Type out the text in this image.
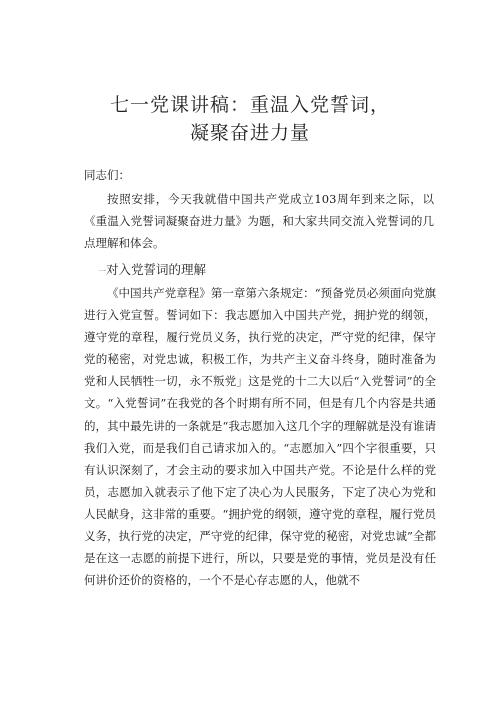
七一党课讲稿：重温入党誓词，
凝聚奋进力量
同志们：
按照安排，今天我就借中国共产党成立103周年到来之际，以《重温入党誓词凝聚奋进力量》为题，和大家共同交流入党誓词的几点理解和体会。
一对入党誓词的理解
《中国共产党章程》第一章第六条规定：“预备党员必须面向党旗进行入党宣誓。誓词如下：我志愿加入中国共产党，拥护党的纲领，遵守党的章程，履行党员义务，执行党的决定，严守党的纪律，保守党的秘密，对党忠诚，积极工作，为共产主义奋斗终身，随时准备为党和人民牺牲一切，永不叛党」这是党的十二大以后“入党誓词”的全文。“入党誓词”在我党的各个时期有所不同，但是有几个内容是共通的，其中最先讲的一条就是“我志愿加入这几个字的理解就是没有谁请我们入党，而是我们自己请求加入的。“志愿加入”四个字很重要，只有认识深刻了，才会主动的要求加入中国共产党。不论是什么样的党员，志愿加入就表示了他下定了决心为人民服务，下定了决心为党和人民献身，这非常的重要。“拥护党的纲领，遵守党的章程，履行党员义务，执行党的决定，严守党的纪律，保守党的秘密，对党忠诚”全都是在这一志愿的前提下进行，所以，只要是党的事情，党员是没有任何讲价还价的资格的，一个不是心存志愿的人，他就不
